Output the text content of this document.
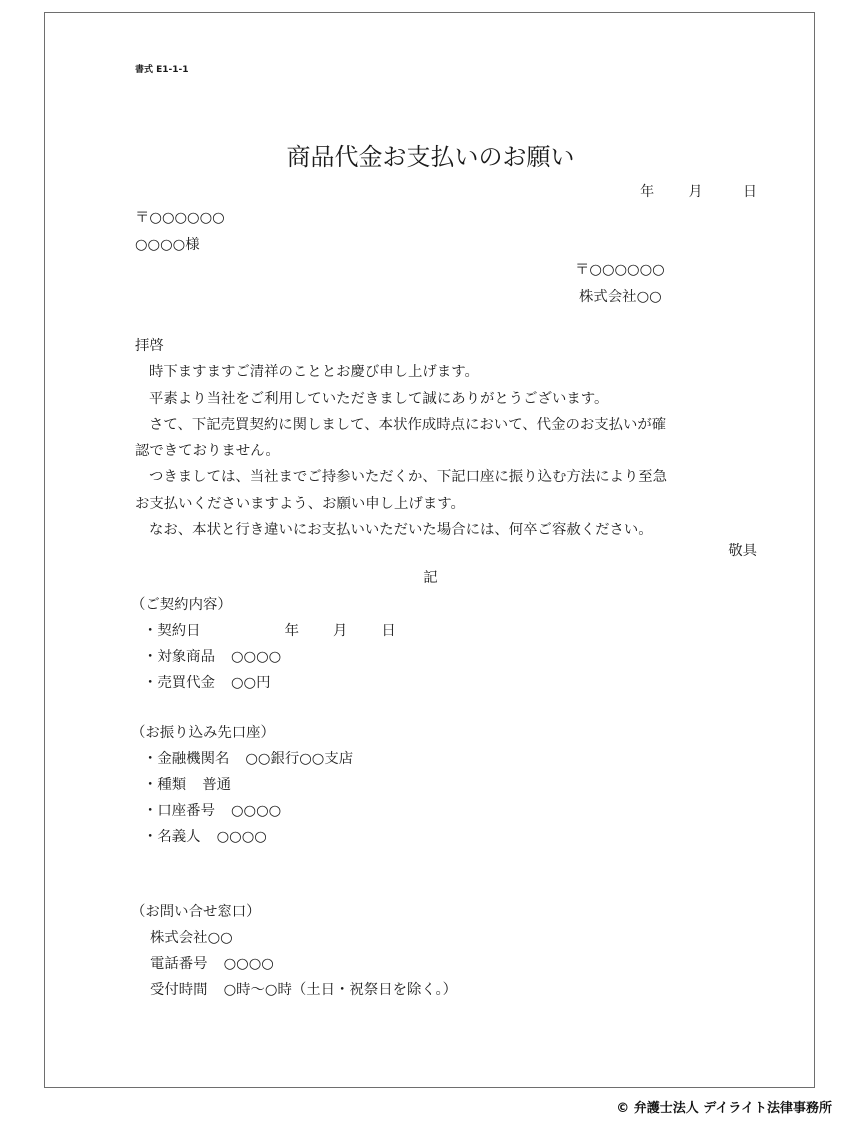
書式 E1-1-1
商品代金お支払いのお願い
年 月	日
〒○○○○○○
○○○○様
〒○○○○○○
株式会社○○

拝啓

時下ますますご清祥のこととお慶び申し上げます。

平素より当社をご利用していただきまして誠にありがとうございます。

さて、下記売買契約に関しまして、本状作成時点において、代金のお支払いが確

認できておりません。

つきましては、当社までご持参いただくか、下記口座に振り込む方法により至急

お支払いくださいますよう、お願い申し上げます。

なお、本状と行き違いにお支払いいただいた場合には、何卒ご容赦ください。

敬具
記

（ご契約内容）

・契約日	年 月 日

・対象商品 ○○○○

・売買代金 ○○円

（お振り込み先口座）

・金融機関名 ○○銀行○○支店

・種類 普通

・口座番号 ○○○○

・名義人 ○○○○

（お問い合せ窓口）

株式会社○○

電話番号 ○○○○

受付時間 ○時～○時（土日・祝祭日を除く。）

© 弁護士法人 デイライト法律事務所
